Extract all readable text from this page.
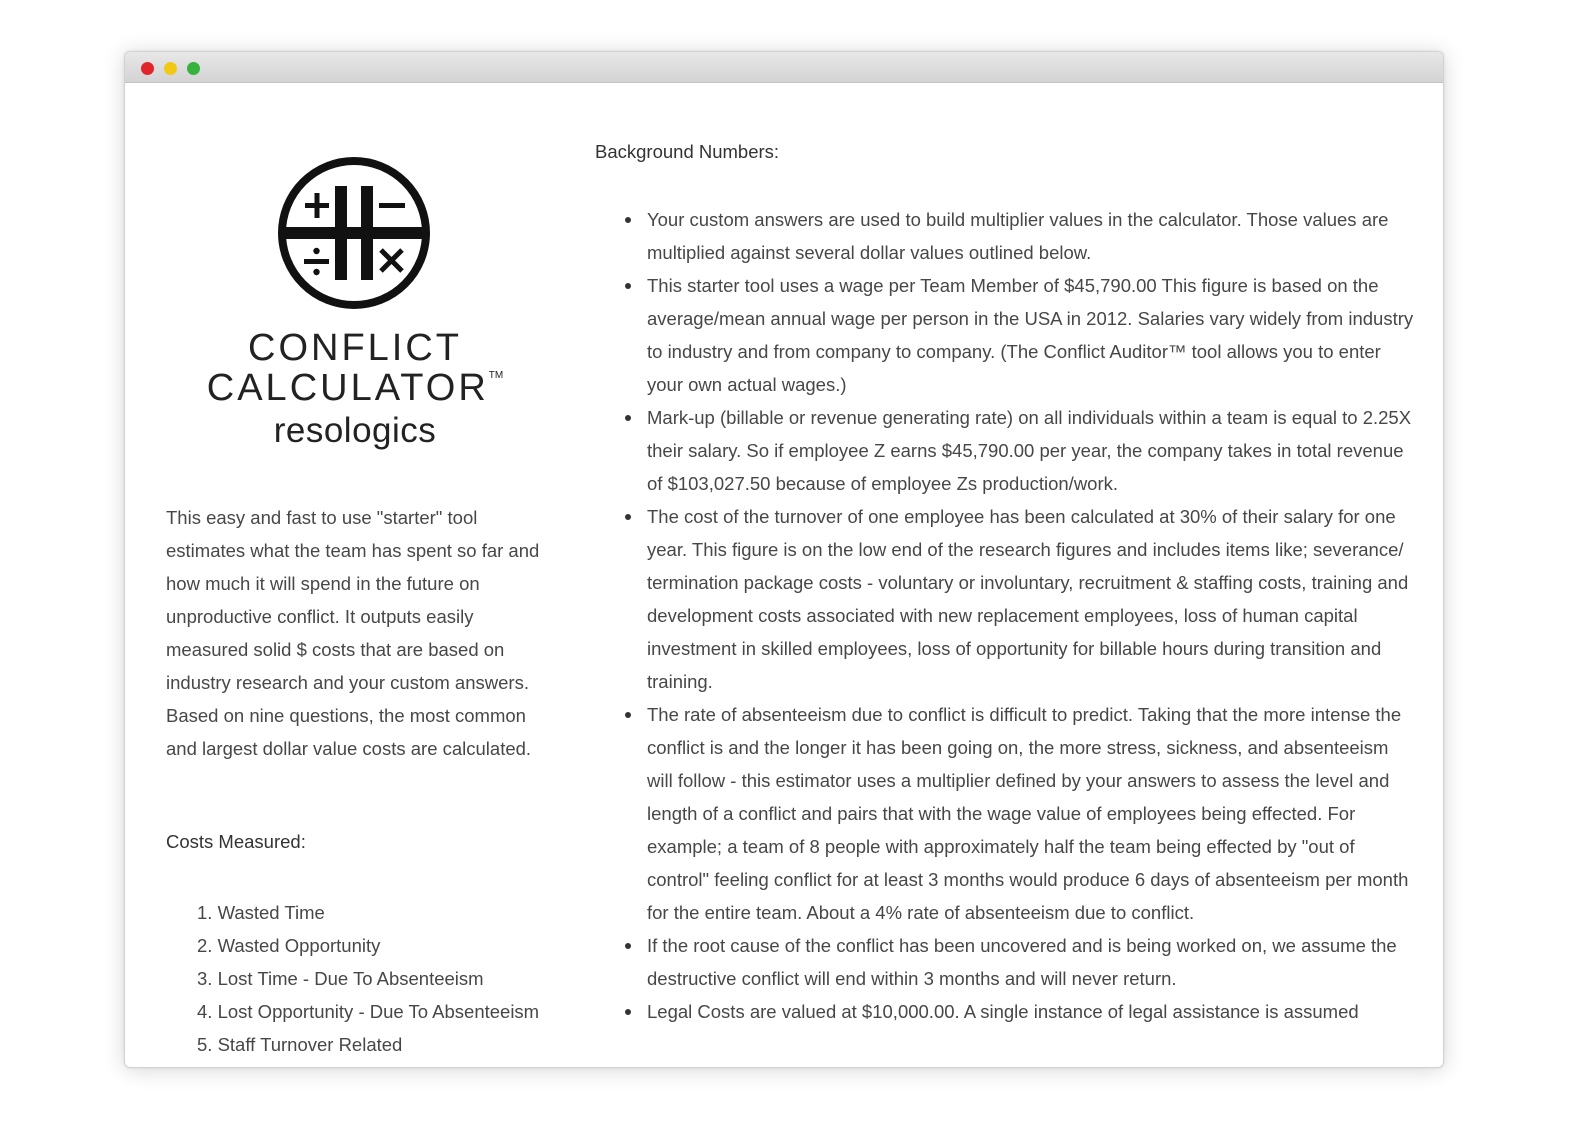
CONFLICT
CALCULATOR™
resologics

This easy and fast to use "starter" tool estimates what the team has spent so far and how much it will spend in the future on unproductive conflict. It outputs easily measured solid $ costs that are based on industry research and your custom answers. Based on nine questions, the most common and largest dollar value costs are calculated.

Costs Measured:
1. Wasted Time
2. Wasted Opportunity
3. Lost Time - Due To Absenteeism
4. Lost Opportunity - Due To Absenteeism
5. Staff Turnover Related
Background Numbers:
Your custom answers are used to build multiplier values in the calculator. Those values are multiplied against several dollar values outlined below.
This starter tool uses a wage per Team Member of $45,790.00 This figure is based on the average/mean annual wage per person in the USA in 2012. Salaries vary widely from industry to industry and from company to company. (The Conflict Auditor™ tool allows you to enter your own actual wages.)
Mark-up (billable or revenue generating rate) on all individuals within a team is equal to 2.25X their salary. So if employee Z earns $45,790.00 per year, the company takes in total revenue of $103,027.50 because of employee Zs production/work.
The cost of the turnover of one employee has been calculated at 30% of their salary for one year. This figure is on the low end of the research figures and includes items like; severance/ termination package costs - voluntary or involuntary, recruitment & staffing costs, training and development costs associated with new replacement employees, loss of human capital investment in skilled employees, loss of opportunity for billable hours during transition and training.
The rate of absenteeism due to conflict is difficult to predict. Taking that the more intense the conflict is and the longer it has been going on, the more stress, sickness, and absenteeism will follow - this estimator uses a multiplier defined by your answers to assess the level and length of a conflict and pairs that with the wage value of employees being effected. For example; a team of 8 people with approximately half the team being effected by "out of control" feeling conflict for at least 3 months would produce 6 days of absenteeism per month for the entire team. About a 4% rate of absenteeism due to conflict.
If the root cause of the conflict has been uncovered and is being worked on, we assume the destructive conflict will end within 3 months and will never return.
Legal Costs are valued at $10,000.00. A single instance of legal assistance is assumed
